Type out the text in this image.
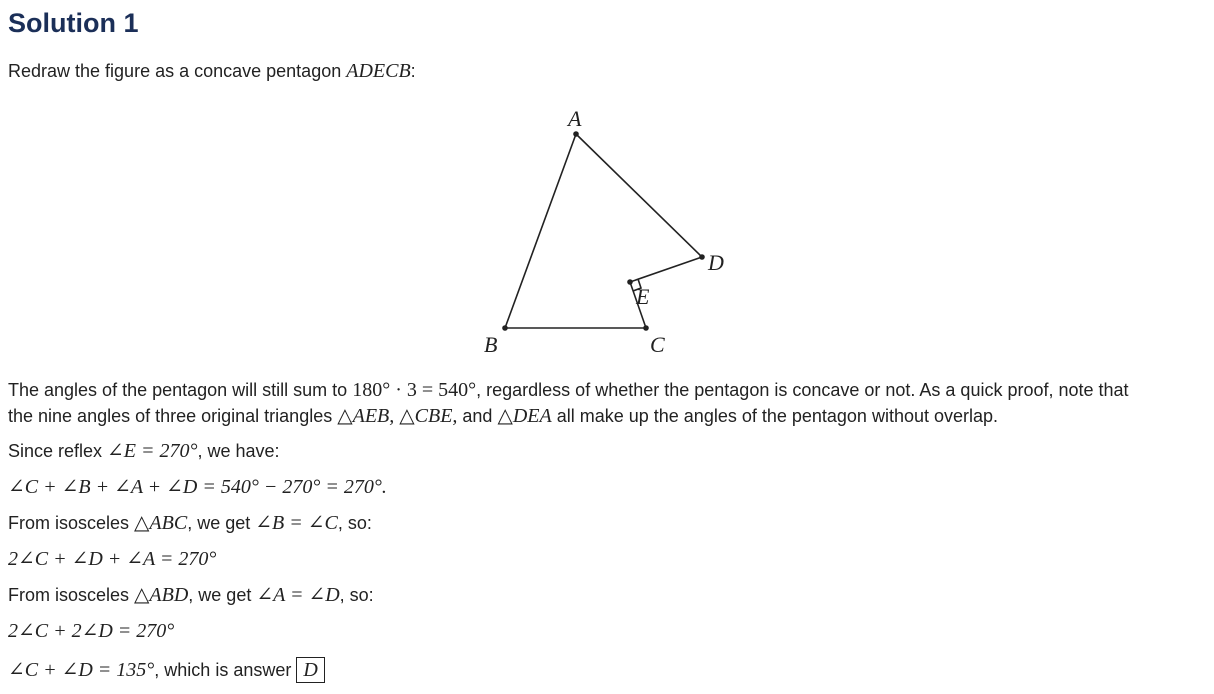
Solution 1
Redraw the figure as a concave pentagon ADECB:
A
B	C
D
E
The angles of the pentagon will still sum to 180° · 3 = 540°, regardless of whether the pentagon is concave or not. As a quick proof, note that
the nine angles of three original triangles △AEB, △CBE, and △DEA all make up the angles of the pentagon without overlap.
Since reflex ∠E = 270°, we have:
∠C + ∠B + ∠A + ∠D = 540° − 270° = 270°.
From isosceles △ABC, we get ∠B = ∠C, so:
2∠C + ∠D + ∠A = 270°
From isosceles △ABD, we get ∠A = ∠D, so:
2∠C + 2∠D = 270°
∠C + ∠D = 135°, which is answer D
